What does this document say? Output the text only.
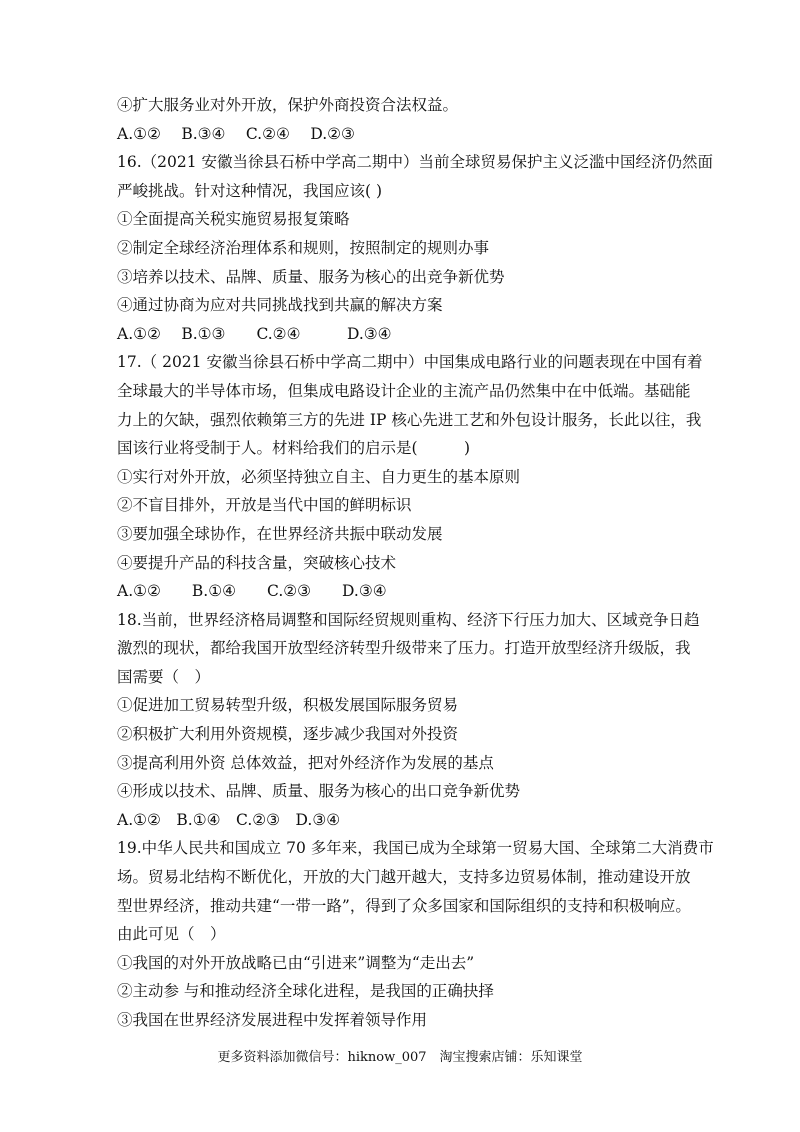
④扩大服务业对外开放，保护外商投资合法权益。
A.①②　 B.③④　 C.②④　 D.②③
16.（2021 安徽当徐县石桥中学高二期中）当前全球贸易保护主义泛滥中国经济仍然面
严峻挑战。针对这种情况，我国应该( )
①全面提高关税实施贸易报复策略
②制定全球经济治理体系和规则，按照制定的规则办事
③培养以技术、品牌、质量、服务为核心的出竞争新优势
④通过协商为应对共同挑战找到共赢的解决方案
A.①②　 B.①③　　C.②④　　　D.③④
17.（ 2021 安徽当徐县石桥中学高二期中）中国集成电路行业的问题表现在中国有着
全球最大的半导体市场，但集成电路设计企业的主流产品仍然集中在中低端。基础能
力上的欠缺，强烈依赖第三方的先进 IP 核心先进工艺和外包设计服务，长此以往，我
国该行业将受制于人。材料给我们的启示是(　　　)
①实行对外开放，必须坚持独立自主、自力更生的基本原则
②不盲目排外，开放是当代中国的鲜明标识
③要加强全球协作，在世界经济共振中联动发展
④要提升产品的科技含量，突破核心技术
A.①②　　B.①④　　C.②③　　D.③④
18.当前，世界经济格局调整和国际经贸规则重构、经济下行压力加大、区域竞争日趋
激烈的现状，都给我国开放型经济转型升级带来了压力。打造开放型经济升级版，我
国需要（　）
①促进加工贸易转型升级，积极发展国际服务贸易
②积极扩大利用外资规模，逐步减少我国对外投资
③提高利用外资 总体效益，把对外经济作为发展的基点
④形成以技术、品牌、质量、服务为核心的出口竞争新优势
A.①②　B.①④　C.②③　D.③④
19.中华人民共和国成立 70 多年来，我国已成为全球第一贸易大国、全球第二大消费市
场。贸易北结构不断优化，开放的大门越开越大，支持多边贸易体制，推动建设开放
型世界经济，推动共建“一带一路”，得到了众多国家和国际组织的支持和积极响应。
由此可见（　）
①我国的对外开放战略已由“引进来”调整为“走出去”
②主动参 与和推动经济全球化进程，是我国的正确抉择
③我国在世界经济发展进程中发挥着领导作用
更多资料添加微信号：hiknow_007　淘宝搜索店铺：乐知课堂
